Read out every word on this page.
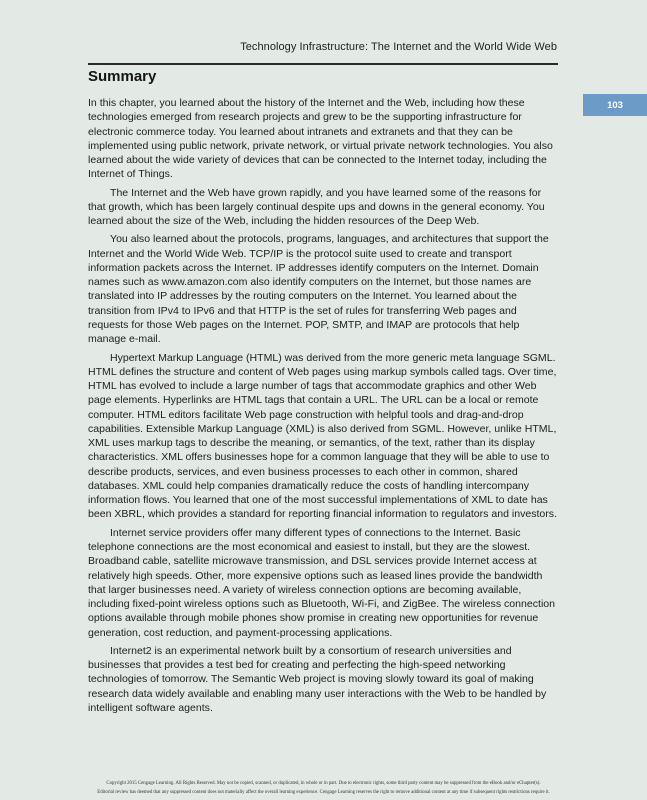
Technology Infrastructure: The Internet and the World Wide Web
Summary
103

In this chapter, you learned about the history of the Internet and the Web, including how these technologies emerged from research projects and grew to be the supporting infrastructure for electronic commerce today. You learned about intranets and extranets and that they can be implemented using public network, private network, or virtual private network technologies. You also learned about the wide variety of devices that can be connected to the Internet today, including the Internet of Things.

The Internet and the Web have grown rapidly, and you have learned some of the reasons for that growth, which has been largely continual despite ups and downs in the general economy. You learned about the size of the Web, including the hidden resources of the Deep Web.

You also learned about the protocols, programs, languages, and architectures that support the Internet and the World Wide Web. TCP/IP is the protocol suite used to create and transport information packets across the Internet. IP addresses identify computers on the Internet. Domain names such as www.amazon.com also identify computers on the Internet, but those names are translated into IP addresses by the routing computers on the Internet. You learned about the transition from IPv4 to IPv6 and that HTTP is the set of rules for transferring Web pages and requests for those Web pages on the Internet. POP, SMTP, and IMAP are protocols that help manage e-mail.

Hypertext Markup Language (HTML) was derived from the more generic meta language SGML. HTML defines the structure and content of Web pages using markup symbols called tags. Over time, HTML has evolved to include a large number of tags that accommodate graphics and other Web page elements. Hyperlinks are HTML tags that contain a URL. The URL can be a local or remote computer. HTML editors facilitate Web page construction with helpful tools and drag-and-drop capabilities. Extensible Markup Language (XML) is also derived from SGML. However, unlike HTML, XML uses markup tags to describe the meaning, or semantics, of the text, rather than its display characteristics. XML offers businesses hope for a common language that they will be able to use to describe products, services, and even business processes to each other in common, shared databases. XML could help companies dramatically reduce the costs of handling intercompany information flows. You learned that one of the most successful implementations of XML to date has been XBRL, which provides a standard for reporting financial information to regulators and investors.

Internet service providers offer many different types of connections to the Internet. Basic telephone connections are the most economical and easiest to install, but they are the slowest. Broadband cable, satellite microwave transmission, and DSL services provide Internet access at relatively high speeds. Other, more expensive options such as leased lines provide the bandwidth that larger businesses need. A variety of wireless connection options are becoming available, including fixed-point wireless options such as Bluetooth, Wi-Fi, and ZigBee. The wireless connection options available through mobile phones show promise in creating new opportunities for revenue generation, cost reduction, and payment-processing applications.

Internet2 is an experimental network built by a consortium of research universities and businesses that provides a test bed for creating and perfecting the high-speed networking technologies of tomorrow. The Semantic Web project is moving slowly toward its goal of making research data widely available and enabling many user interactions with the Web to be handled by intelligent software agents.

Copyright 2015 Cengage Learning. All Rights Reserved. May not be copied, scanned, or duplicated, in whole or in part. Due to electronic rights, some third party content may be suppressed from the eBook and/or eChapter(s).
Editorial review has deemed that any suppressed content does not materially affect the overall learning experience. Cengage Learning reserves the right to remove additional content at any time if subsequent rights restrictions require it.
